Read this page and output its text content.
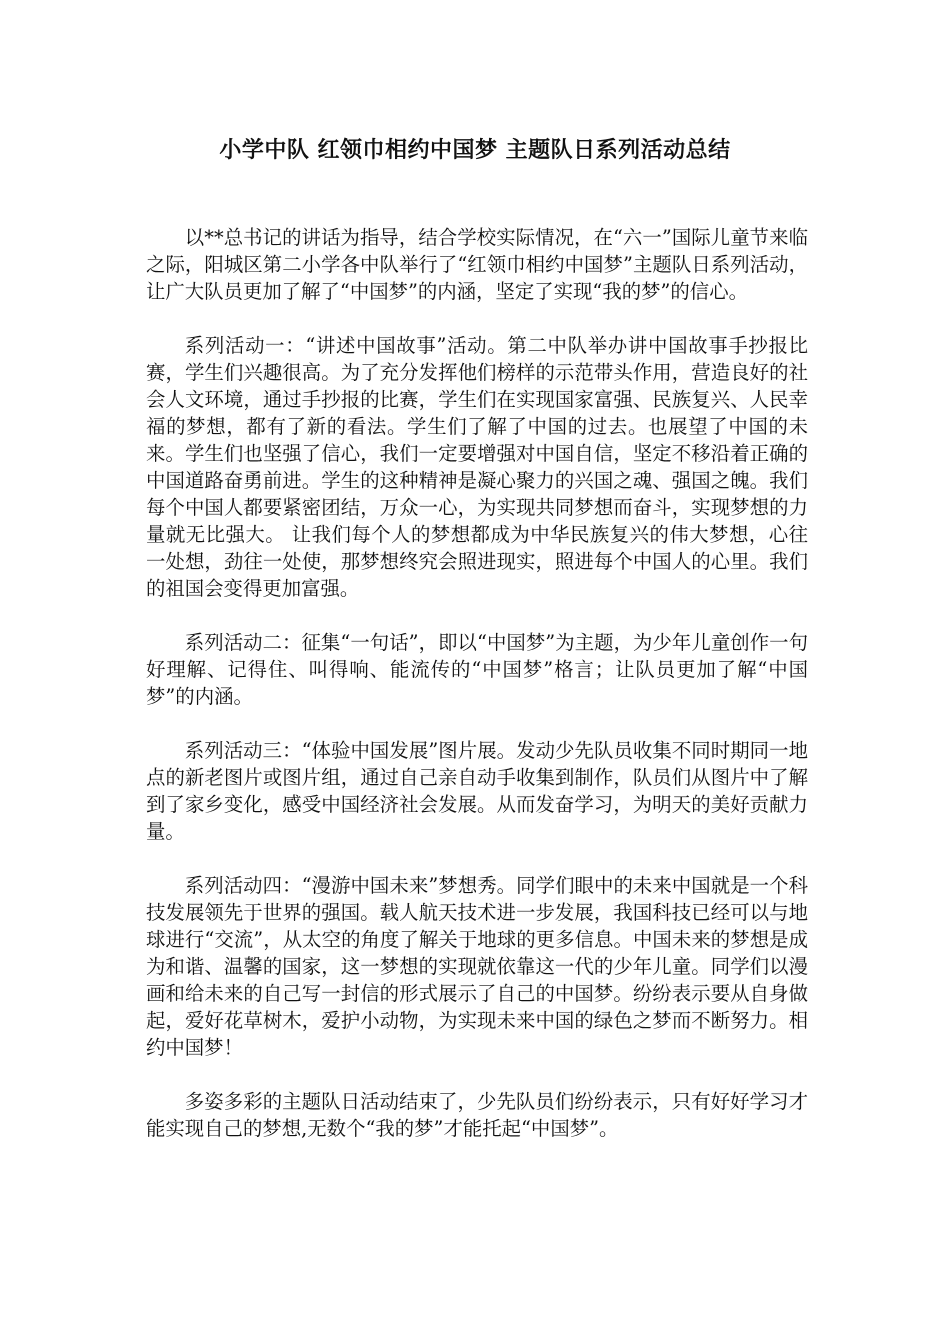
小学中队 红领巾相约中国梦 主题队日系列活动总结

以**总书记的讲话为指导，结合学校实际情况，在“六一”国际儿童节来临之际，阳城区第二小学各中队举行了“红领巾相约中国梦”主题队日系列活动，让广大队员更加了解了“中国梦”的内涵，坚定了实现“我的梦”的信心。

系列活动一：“讲述中国故事”活动。第二中队举办讲中国故事手抄报比赛，学生们兴趣很高。为了充分发挥他们榜样的示范带头作用，营造良好的社会人文环境，通过手抄报的比赛，学生们在实现国家富强、民族复兴、人民幸福的梦想，都有了新的看法。学生们了解了中国的过去。也展望了中国的未来。学生们也坚强了信心，我们一定要增强对中国自信，坚定不移沿着正确的中国道路奋勇前进。学生的这种精神是凝心聚力的兴国之魂、强国之魄。我们每个中国人都要紧密团结，万众一心，为实现共同梦想而奋斗，实现梦想的力量就无比强大。 让我们每个人的梦想都成为中华民族复兴的伟大梦想，心往一处想，劲往一处使，那梦想终究会照进现实，照进每个中国人的心里。我们的祖国会变得更加富强。

系列活动二：征集“一句话”，即以“中国梦”为主题，为少年儿童创作一句好理解、记得住、叫得响、能流传的“中国梦”格言；让队员更加了解“中国梦”的内涵。

系列活动三：“体验中国发展”图片展。发动少先队员收集不同时期同一地点的新老图片或图片组，通过自己亲自动手收集到制作，队员们从图片中了解到了家乡变化，感受中国经济社会发展。从而发奋学习，为明天的美好贡献力量。

系列活动四：“漫游中国未来”梦想秀。同学们眼中的未来中国就是一个科技发展领先于世界的强国。载人航天技术进一步发展，我国科技已经可以与地球进行“交流”，从太空的角度了解关于地球的更多信息。中国未来的梦想是成为和谐、温馨的国家，这一梦想的实现就依靠这一代的少年儿童。同学们以漫画和给未来的自己写一封信的形式展示了自己的中国梦。纷纷表示要从自身做起，爱好花草树木，爱护小动物，为实现未来中国的绿色之梦而不断努力。相约中国梦！

多姿多彩的主题队日活动结束了，少先队员们纷纷表示，只有好好学习才能实现自己的梦想,无数个“我的梦”才能托起“中国梦”。
